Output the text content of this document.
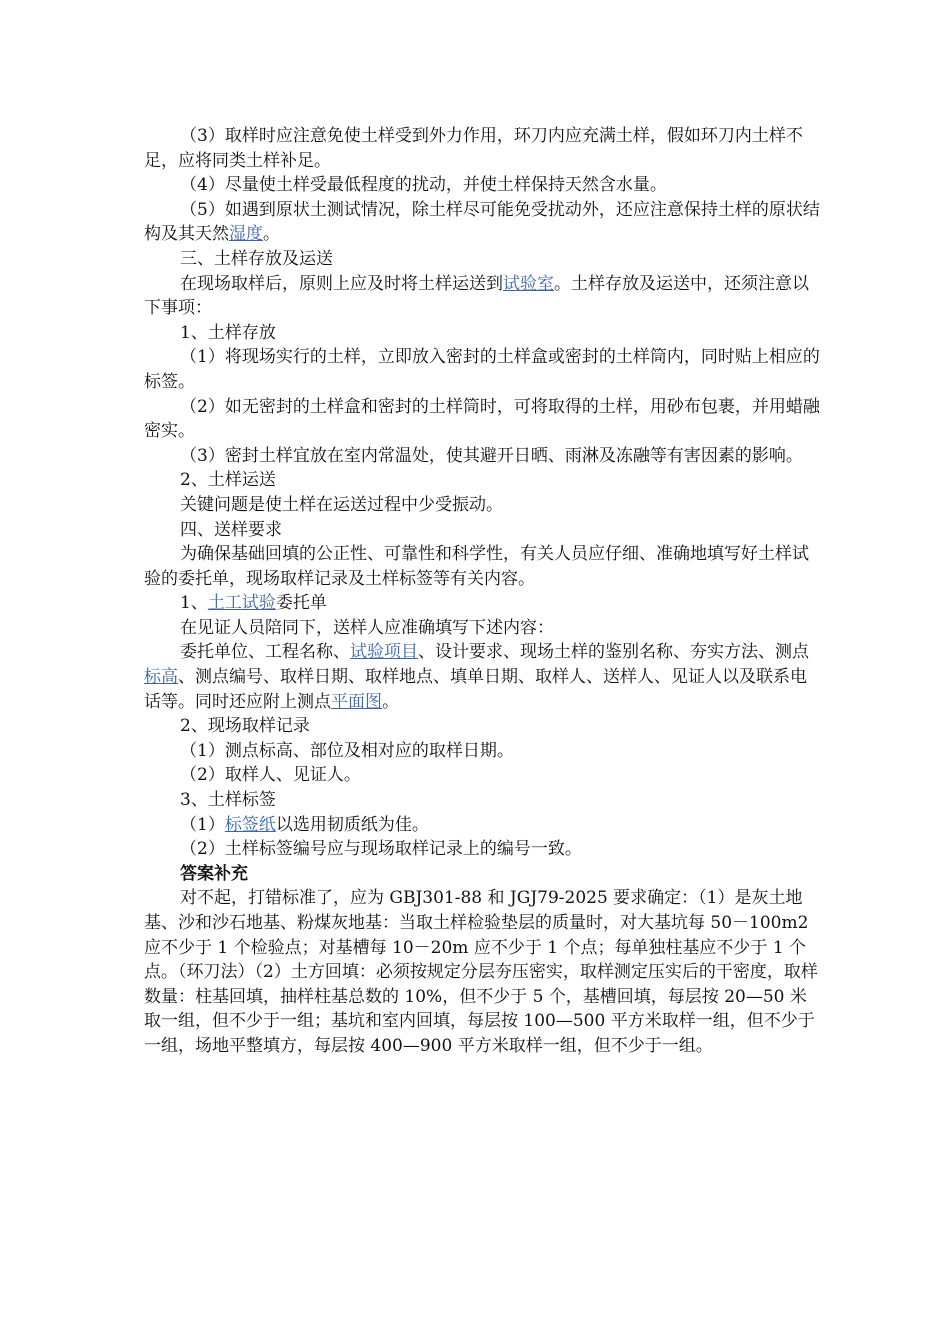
（3）取样时应注意免使土样受到外力作用，环刀内应充满土样，假如环刀内土样不足，应将同类土样补足。

（4）尽量使土样受最低程度的扰动，并使土样保持天然含水量。

（5）如遇到原状土测试情况，除土样尽可能免受扰动外，还应注意保持土样的原状结构及其天然湿度。

三、土样存放及运送

在现场取样后，原则上应及时将土样运送到试验室。土样存放及运送中，还须注意以下事项：

1、土样存放

（1）将现场实行的土样，立即放入密封的土样盒或密封的土样筒内，同时贴上相应的标签。

（2）如无密封的土样盒和密封的土样筒时，可将取得的土样，用砂布包裹，并用蜡融密实。

（3）密封土样宜放在室内常温处，使其避开日晒、雨淋及冻融等有害因素的影响。

2、土样运送

关键问题是使土样在运送过程中少受振动。

四、送样要求

为确保基础回填的公正性、可靠性和科学性，有关人员应仔细、准确地填写好土样试验的委托单，现场取样记录及土样标签等有关内容。

1、土工试验委托单

在见证人员陪同下，送样人应准确填写下述内容：

委托单位、工程名称、试验项目、设计要求、现场土样的鉴别名称、夯实方法、测点标高、测点编号、取样日期、取样地点、填单日期、取样人、送样人、见证人以及联系电话等。同时还应附上测点平面图。

2、现场取样记录

（1）测点标高、部位及相对应的取样日期。

（2）取样人、见证人。

3、土样标签

（1）标签纸以选用韧质纸为佳。

（2）土样标签编号应与现场取样记录上的编号一致。

答案补充

对不起，打错标准了，应为 GBJ301-88 和 JGJ79-2025 要求确定：（1）是灰土地基、沙和沙石地基、粉煤灰地基：当取土样检验垫层的质量时，对大基坑每 50－100m2 应不少于 1 个检验点；对基槽每 10－20m 应不少于 1 个点；每单独柱基应不少于 1 个点。（环刀法）（2）土方回填：必须按规定分层夯压密实，取样测定压实后的干密度，取样数量：柱基回填，抽样柱基总数的 10%，但不少于 5 个，基槽回填，每层按 20—50 米取一组，但不少于一组；基坑和室内回填，每层按 100—500 平方米取样一组，但不少于一组，场地平整填方，每层按 400—900 平方米取样一组，但不少于一组。
